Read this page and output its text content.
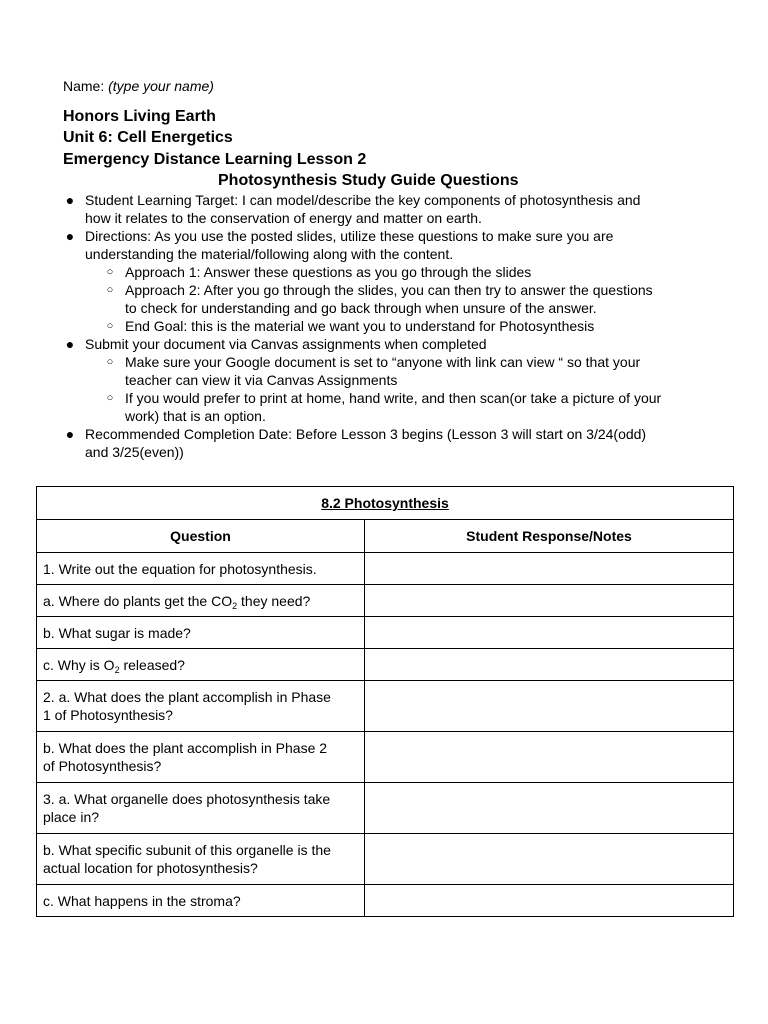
Name: (type your name)
Honors Living Earth
Unit 6: Cell Energetics
Emergency Distance Learning Lesson 2
Photosynthesis Study Guide Questions
● Student Learning Target: I can model/describe the key components of photosynthesis and
how it relates to the conservation of energy and matter on earth.
● Directions: As you use the posted slides, utilize these questions to make sure you are
understanding the material/following along with the content.
○ Approach 1: Answer these questions as you go through the slides
○ Approach 2: After you go through the slides, you can then try to answer the questions
to check for understanding and go back through when unsure of the answer.
○ End Goal: this is the material we want you to understand for Photosynthesis
● Submit your document via Canvas assignments when completed
○ Make sure your Google document is set to “anyone with link can view “ so that your
teacher can view it via Canvas Assignments
○ If you would prefer to print at home, hand write, and then scan(or take a picture of your
work) that is an option.
● Recommended Completion Date: Before Lesson 3 begins (Lesson 3 will start on 3/24(odd)
and 3/25(even))
8.2 Photosynthesis	
Question	Student Response/Notes
1. Write out the equation for photosynthesis.	
a. Where do plants get the $CO_2$ they need?	
b. What sugar is made?	
c. Why is $O_2$ released?	

2. a. What does the plant accomplish in Phase
1 of Photosynthesis?	

b. What does the plant accomplish in Phase 2
of Photosynthesis?	

3. a. What organelle does photosynthesis take
place in?	

b. What specific subunit of this organelle is the
actual location for photosynthesis?	

c. What happens in the stroma?	
